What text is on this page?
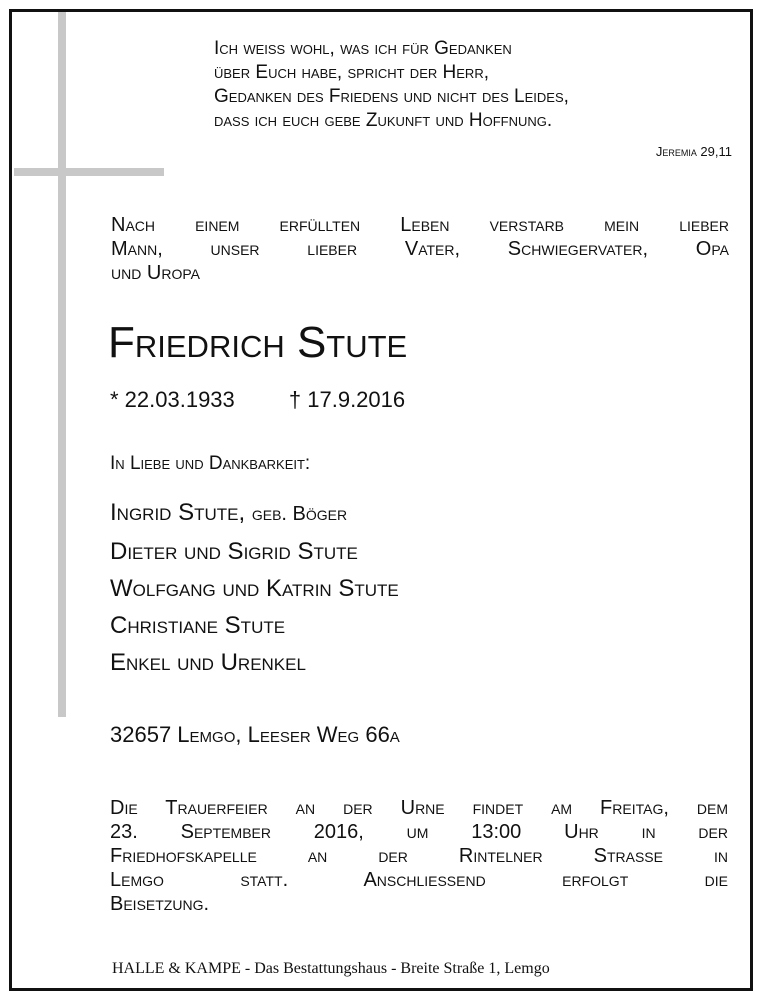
Ich weiss wohl, was ich für Gedanken
über Euch habe, spricht der Herr,
Gedanken des Friedens und nicht des Leides,
dass ich euch gebe Zukunft und Hoffnung.
Jeremia 29,11
Nach einem erfüllten Leben verstarb mein lieber
Mann, unser lieber Vater, Schwiegervater, Opa
und Uropa
Friedrich Stute
* 22.03.1933 † 17.9.2016
In Liebe und Dankbarkeit:
Ingrid Stute, geb. Böger
Dieter und Sigrid Stute
Wolfgang und Katrin Stute
Christiane Stute
Enkel und Urenkel
32657 Lemgo, Leeser Weg 66a
Die Trauerfeier an der Urne findet am Freitag, dem
23. September 2016, um 13:00 Uhr in der
Friedhofskapelle an der Rintelner Strasse in
Lemgo statt. Anschliessend erfolgt die
Beisetzung.
HALLE & KAMPE - Das Bestattungshaus - Breite Straße 1, Lemgo
